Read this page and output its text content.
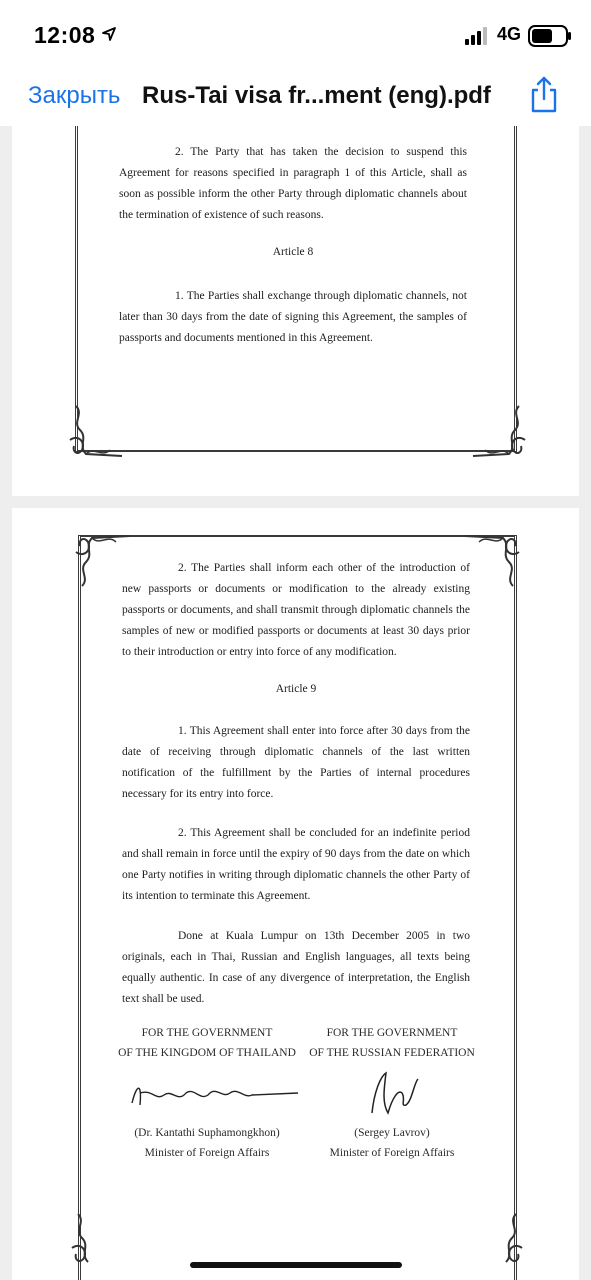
12:08	4G
Закрыть Rus-Tai visa fr...ment (eng).pdf

2. The Party that has taken the decision to suspend this Agreement for reasons specified in paragraph 1 of this Article, shall as soon as possible inform the other Party through diplomatic channels about the termination of existence of such reasons.

Article 8

1. The Parties shall exchange through diplomatic channels, not later than 30 days from the date of signing this Agreement, the samples of passports and documents mentioned in this Agreement.

2. The Parties shall inform each other of the introduction of new passports or documents or modification to the already existing passports or documents, and shall transmit through diplomatic channels the samples of new or modified passports or documents at least 30 days prior to their introduction or entry into force of any modification.

Article 9

1. This Agreement shall enter into force after 30 days from the date of receiving through diplomatic channels of the last written notification of the fulfillment by the Parties of internal procedures necessary for its entry into force.

2. This Agreement shall be concluded for an indefinite period and shall remain in force until the expiry of 90 days from the date on which one Party notifies in writing through diplomatic channels the other Party of its intention to terminate this Agreement.

Done at Kuala Lumpur on 13th December 2005 in two originals, each in Thai, Russian and English languages, all texts being equally authentic. In case of any divergence of interpretation, the English text shall be used.

FOR THE GOVERNMENT
OF THE KINGDOM OF THAILAND
(Dr. Kantathi Suphamongkhon)
Minister of Foreign Affairs
FOR THE GOVERNMENT
OF THE RUSSIAN FEDERATION
(Sergey Lavrov)
Minister of Foreign Affairs
